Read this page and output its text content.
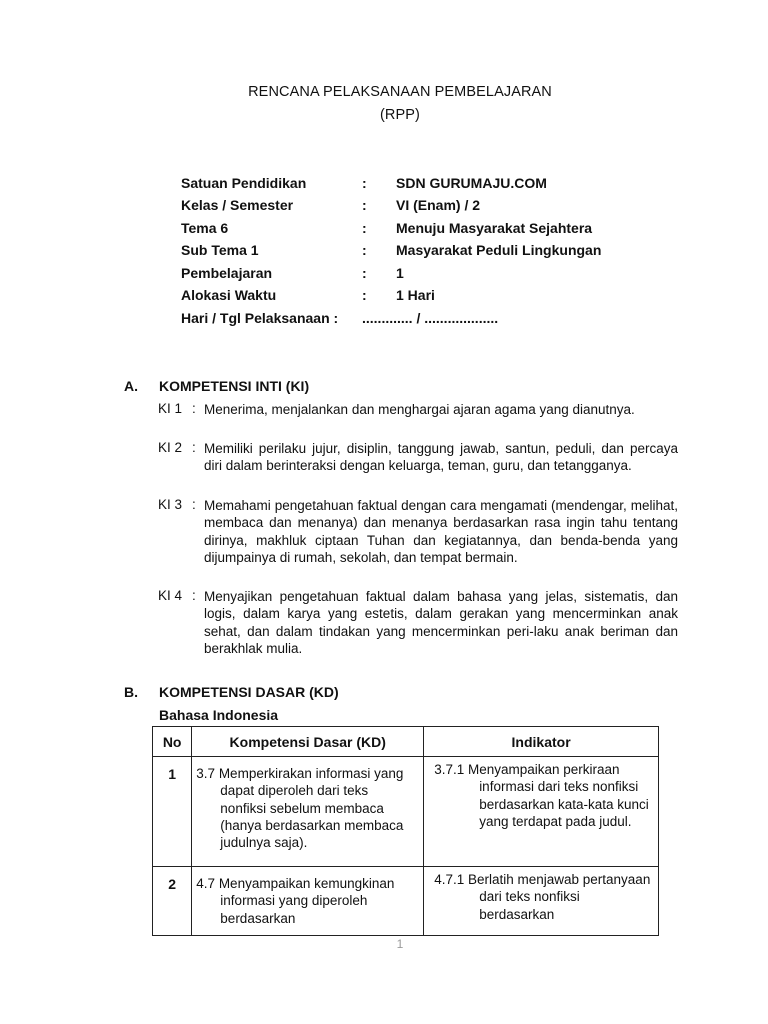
RENCANA PELAKSANAAN PEMBELAJARAN
(RPP)
Satuan Pendidikan	: SDN GURUMAJU.COM
Kelas / Semester	: VI (Enam) / 2
Tema 6	: Menuju Masyarakat Sejahtera
Sub Tema 1	: Masyarakat Peduli Lingkungan
Pembelajaran	: 1
Alokasi Waktu	: 1 Hari
Hari / Tgl Pelaksanaan : ............. / ...................
A. KOMPETENSI INTI (KI)
KI 1 : Menerima, menjalankan dan menghargai ajaran agama yang dianutnya.
KI 2 : Memiliki perilaku jujur, disiplin, tanggung jawab, santun, peduli, dan percaya diri dalam berinteraksi dengan keluarga, teman, guru, dan tetangganya.
KI 3 : Memahami pengetahuan faktual dengan cara mengamati (mendengar, melihat, membaca dan menanya) dan menanya berdasarkan rasa ingin tahu tentang dirinya, makhluk ciptaan Tuhan dan kegiatannya, dan benda-benda yang dijumpainya di rumah, sekolah, dan tempat bermain.
KI 4 : Menyajikan pengetahuan faktual dalam bahasa yang jelas, sistematis, dan logis, dalam karya yang estetis, dalam gerakan yang mencerminkan anak sehat, dan dalam tindakan yang mencerminkan peri-laku anak beriman dan berakhlak mulia.
B. KOMPETENSI DASAR (KD)
Bahasa Indonesia
No	Kompetensi Dasar (KD)	Indikator
1	3.7 Memperkirakan informasi yang dapat diperoleh dari teks nonfiksi sebelum membaca (hanya berdasarkan membaca judulnya saja).	3.7.1 Menyampaikan perkiraan informasi dari teks nonfiksi berdasarkan kata-kata kunci yang terdapat pada judul.

2	4.7 Menyampaikan kemungkinan informasi yang diperoleh berdasarkan	4.7.1 Berlatih menjawab pertanyaan dari teks nonfiksi berdasarkan
1
